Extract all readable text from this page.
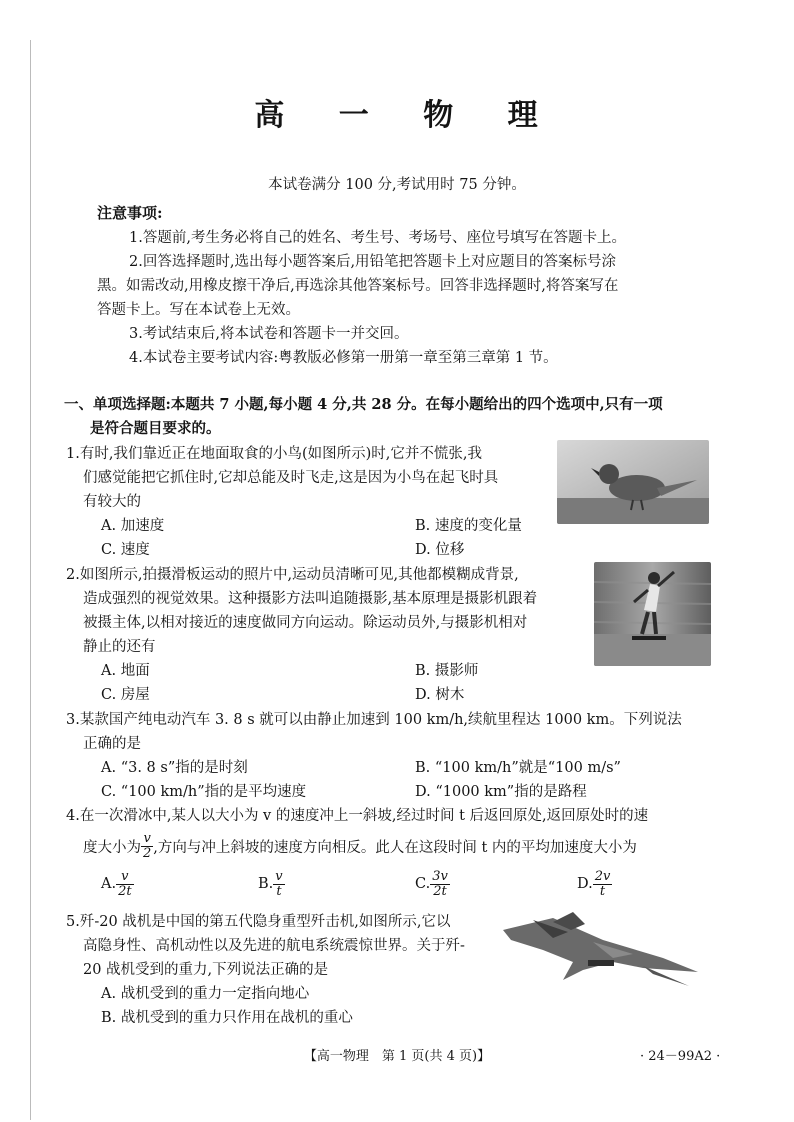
高 一 物 理
本试卷满分 100 分,考试用时 75 分钟。
注意事项:
1.答题前,考生务必将自己的姓名、考生号、考场号、座位号填写在答题卡上。
2.回答选择题时,选出每小题答案后,用铅笔把答题卡上对应题目的答案标号涂
黑。如需改动,用橡皮擦干净后,再选涂其他答案标号。回答非选择题时,将答案写在
答题卡上。写在本试卷上无效。
3.考试结束后,将本试卷和答题卡一并交回。
4.本试卷主要考试内容:粤教版必修第一册第一章至第三章第 1 节。
一、单项选择题:本题共 7 小题,每小题 4 分,共 28 分。在每小题给出的四个选项中,只有一项
是符合题目要求的。
1.有时,我们靠近正在地面取食的小鸟(如图所示)时,它并不慌张,我
们感觉能把它抓住时,它却总能及时飞走,这是因为小鸟在起飞时具
有较大的
A. 加速度	B. 速度的变化量
C. 速度	D. 位移
2.如图所示,拍摄滑板运动的照片中,运动员清晰可见,其他都模糊成背景,
造成强烈的视觉效果。这种摄影方法叫追随摄影,基本原理是摄影机跟着
被摄主体,以相对接近的速度做同方向运动。除运动员外,与摄影机相对
静止的还有
A. 地面	B. 摄影师
C. 房屋	D. 树木
3.某款国产纯电动汽车 3. 8 s 就可以由静止加速到 100 km/h,续航里程达 1000 km。下列说法
正确的是
A. “3. 8 s”指的是时刻	B. “100 km/h”就是“100 m/s”
C. “100 km/h”指的是平均速度	D. “1000 km”指的是路程
4.在一次滑冰中,某人以大小为 v 的速度冲上一斜坡,经过时间 t 后返回原处,返回原处时的速
度大小为 $\frac{v}{2}$ ,方向与冲上斜坡的速度方向相反。此人在这段时间 t 内的平均加速度大小为
A. $\frac{v}{2t}$	B. $\frac{v}{t}$	C. $\frac{3v}{2t}$	D. $\frac{2v}{t}$
5.歼-20 战机是中国的第五代隐身重型歼击机,如图所示,它以
高隐身性、高机动性以及先进的航电系统震惊世界。关于歼-
20 战机受到的重力,下列说法正确的是
A. 战机受到的重力一定指向地心
B. 战机受到的重力只作用在战机的重心
【高一物理　第 1 页(共 4 页)】	· 24－99A2 ·
